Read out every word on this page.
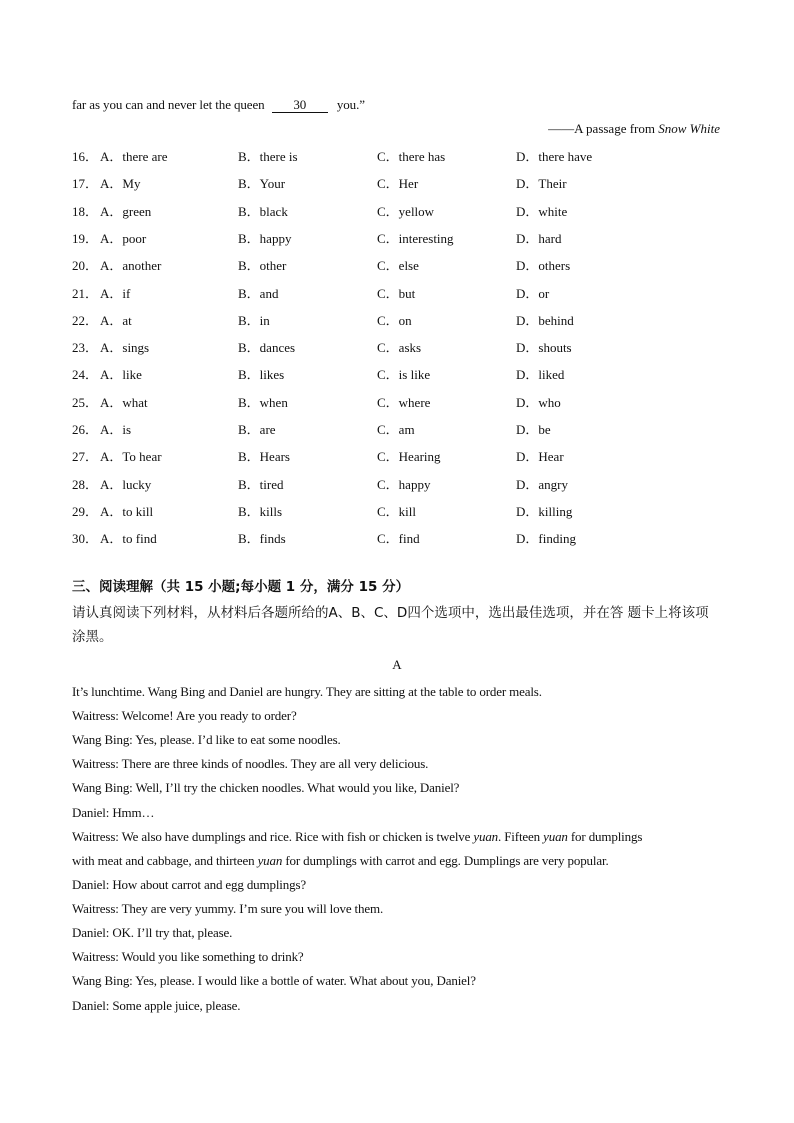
far as you can and never let the queen 30 you.”
——A passage from Snow White
16． A．there are	B．there is	C．there has	D．there have
17． A．My	B．Your	C．Her	D．Their
18． A．green	B．black	C．yellow	D．white
19． A．poor	B．happy	C．interesting	D．hard
20． A．another	B．other	C．else	D．others
21． A．if	B．and	C．but	D．or
22． A．at	B．in	C．on	D．behind
23． A．sings	B．dances	C．asks	D．shouts
24． A．like	B．likes	C．is like	D．liked
25． A．what	B．when	C．where	D．who
26． A．is	B．are	C．am	D．be
27． A．To hear	B．Hears	C．Hearing	D．Hear
28． A．lucky	B．tired	C．happy	D．angry
29． A．to kill	B．kills	C．kill	D．killing
30． A．to find	B．finds	C．find	D．finding
三、阅读理解（共 15 小题;每小题 1 分，满分 15 分）
请认真阅读下列材料，从材料后各题所给的A、B、C、D四个选项中，选出最佳选项，并在答 题卡上将该项涂黑。
A
It’s lunchtime. Wang Bing and Daniel are hungry. They are sitting at the table to order meals.
Waitress: Welcome! Are you ready to order?
Wang Bing: Yes, please. I’d like to eat some noodles.
Waitress: There are three kinds of noodles. They are all very delicious.
Wang Bing: Well, I’ll try the chicken noodles. What would you like, Daniel?
Daniel: Hmm…
Waitress: We also have dumplings and rice. Rice with fish or chicken is twelve yuan. Fifteen yuan for dumplings
with meat and cabbage, and thirteen yuan for dumplings with carrot and egg. Dumplings are very popular.
Daniel: How about carrot and egg dumplings?
Waitress: They are very yummy. I’m sure you will love them.
Daniel: OK. I’ll try that, please.
Waitress: Would you like something to drink?
Wang Bing: Yes, please. I would like a bottle of water. What about you, Daniel?
Daniel: Some apple juice, please.
